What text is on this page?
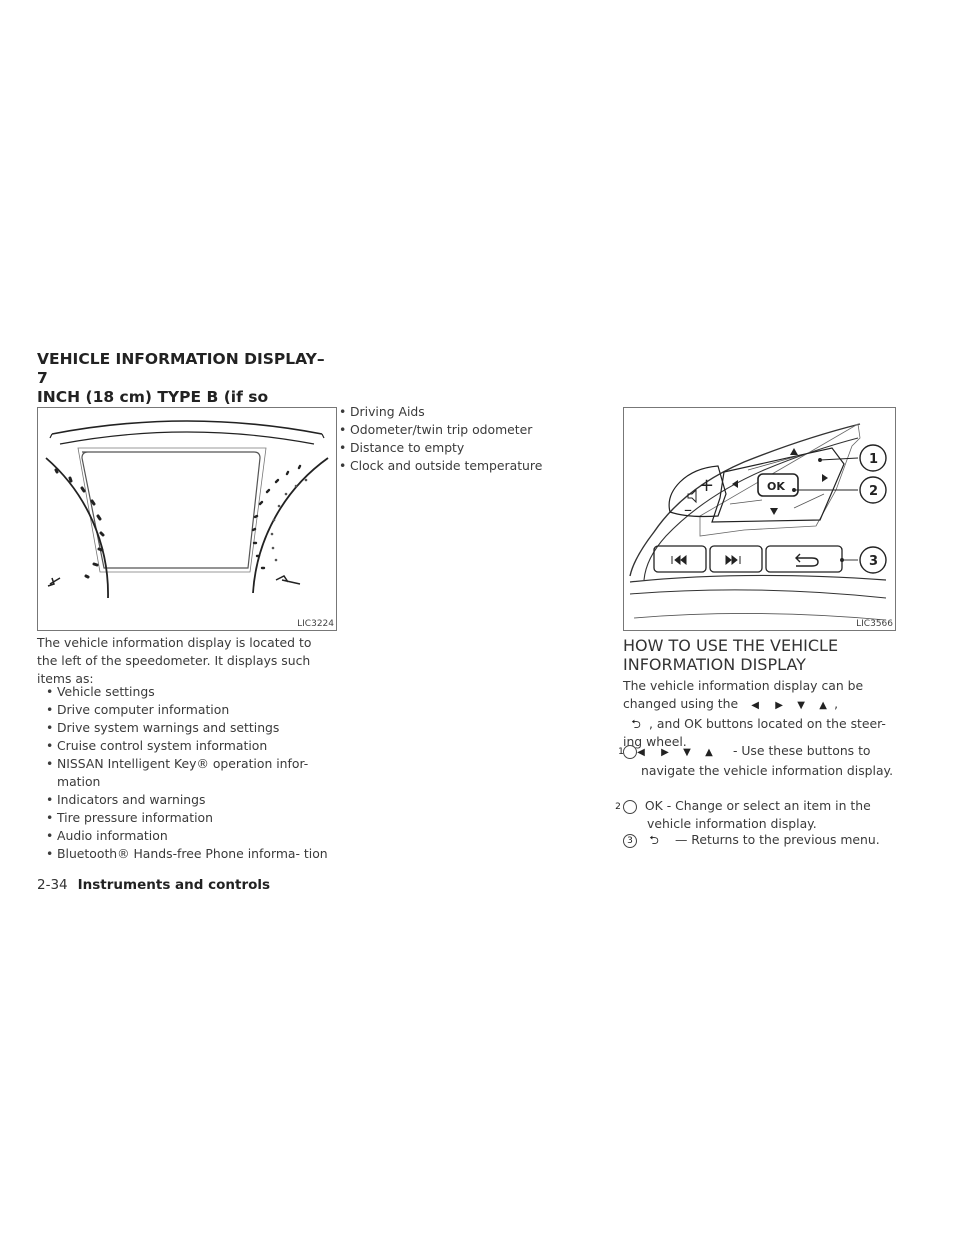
VEHICLE INFORMATION DISPLAY– 7
INCH (18 cm) TYPE B (if so
LIC3224
+
–
OK
1
2
3
LIC3566

The vehicle information display is located to the left of the speedometer. It displays such items as:

• Vehicle settings
• Drive computer information
• Drive system warnings and settings
• Cruise control system information
• NISSAN Intelligent Key® operation infor- mation
• Indicators and warnings
• Tire pressure information
• Audio information
• Bluetooth® Hands-free Phone informa- tion
• Driving Aids
• Odometer/twin trip odometer
• Distance to empty
• Clock and outside temperature
HOW TO USE THE VEHICLE
INFORMATION DISPLAY

The vehicle information display can be changed using the ◀ ▶ ▼ ▲ ,
⮌ , and OK buttons located on the steer- ing wheel.

1 ◀ ▶ ▼ ▲ - Use these buttons to navigate the vehicle information display.
2 OK - Change or select an item in the vehicle information display.
3 ⮌ — Returns to the previous menu.
2-34 Instruments and controls
